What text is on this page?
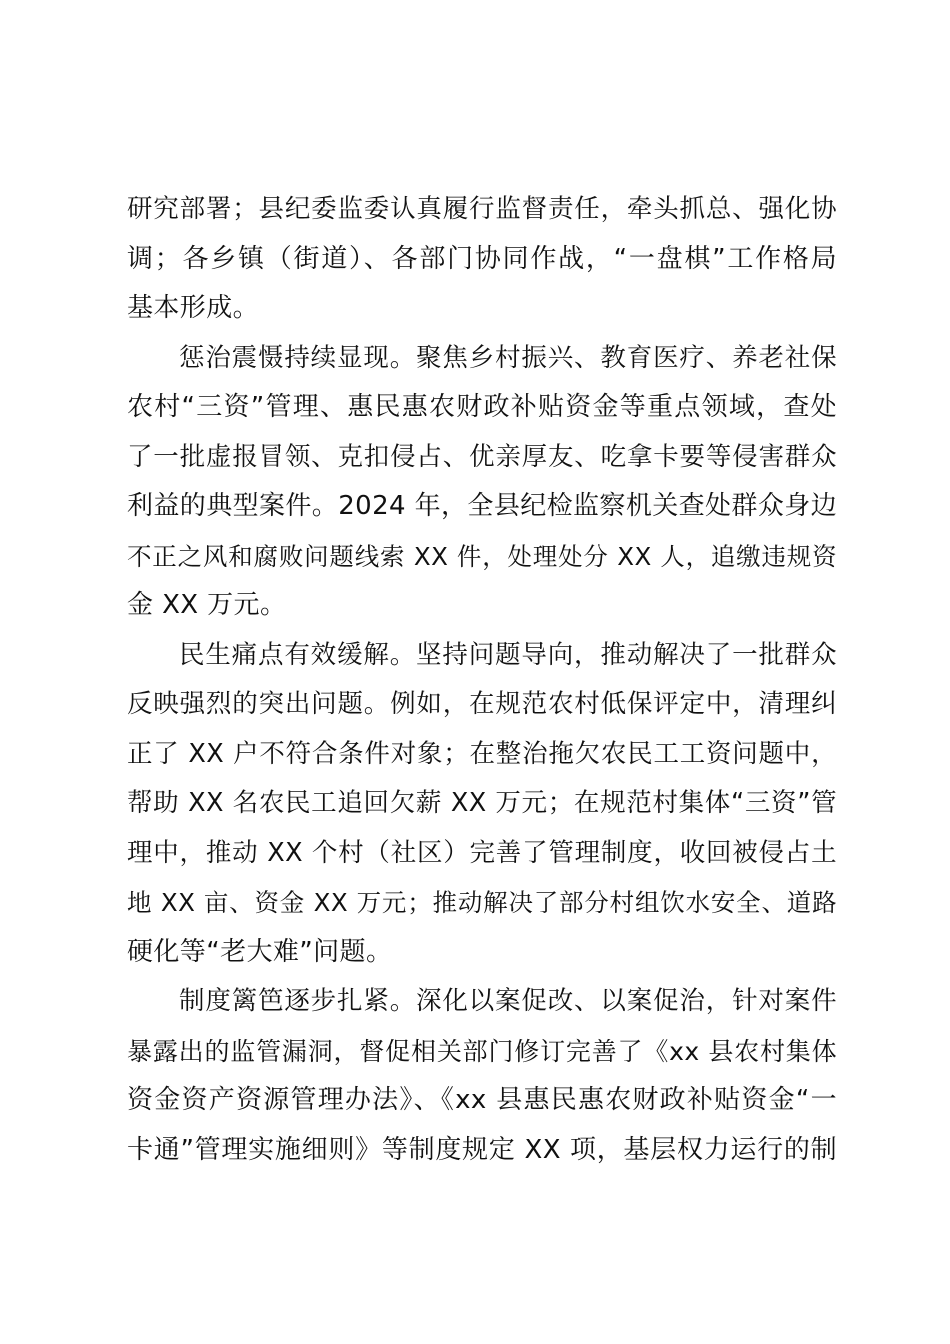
研究部署；县纪委监委认真履行监督责任，牵头抓总、强化协
调；各乡镇（街道）、各部门协同作战，“一盘棋”工作格局
基本形成。
惩治震慑持续显现。聚焦乡村振兴、教育医疗、养老社保
农村“三资”管理、惠民惠农财政补贴资金等重点领域，查处
了一批虚报冒领、克扣侵占、优亲厚友、吃拿卡要等侵害群众
利益的典型案件。2024 年，全县纪检监察机关查处群众身边
不正之风和腐败问题线索 XX 件，处理处分 XX 人，追缴违规资
金 XX 万元。
民生痛点有效缓解。坚持问题导向，推动解决了一批群众
反映强烈的突出问题。例如，在规范农村低保评定中，清理纠
正了 XX 户不符合条件对象；在整治拖欠农民工工资问题中，
帮助 XX 名农民工追回欠薪 XX 万元；在规范村集体“三资”管
理中，推动 XX 个村（社区）完善了管理制度，收回被侵占土
地 XX 亩、资金 XX 万元；推动解决了部分村组饮水安全、道路
硬化等“老大难”问题。
制度篱笆逐步扎紧。深化以案促改、以案促治，针对案件
暴露出的监管漏洞，督促相关部门修订完善了《xx 县农村集体
资金资产资源管理办法》、《xx 县惠民惠农财政补贴资金“一
卡通”管理实施细则》等制度规定 XX 项，基层权力运行的制
